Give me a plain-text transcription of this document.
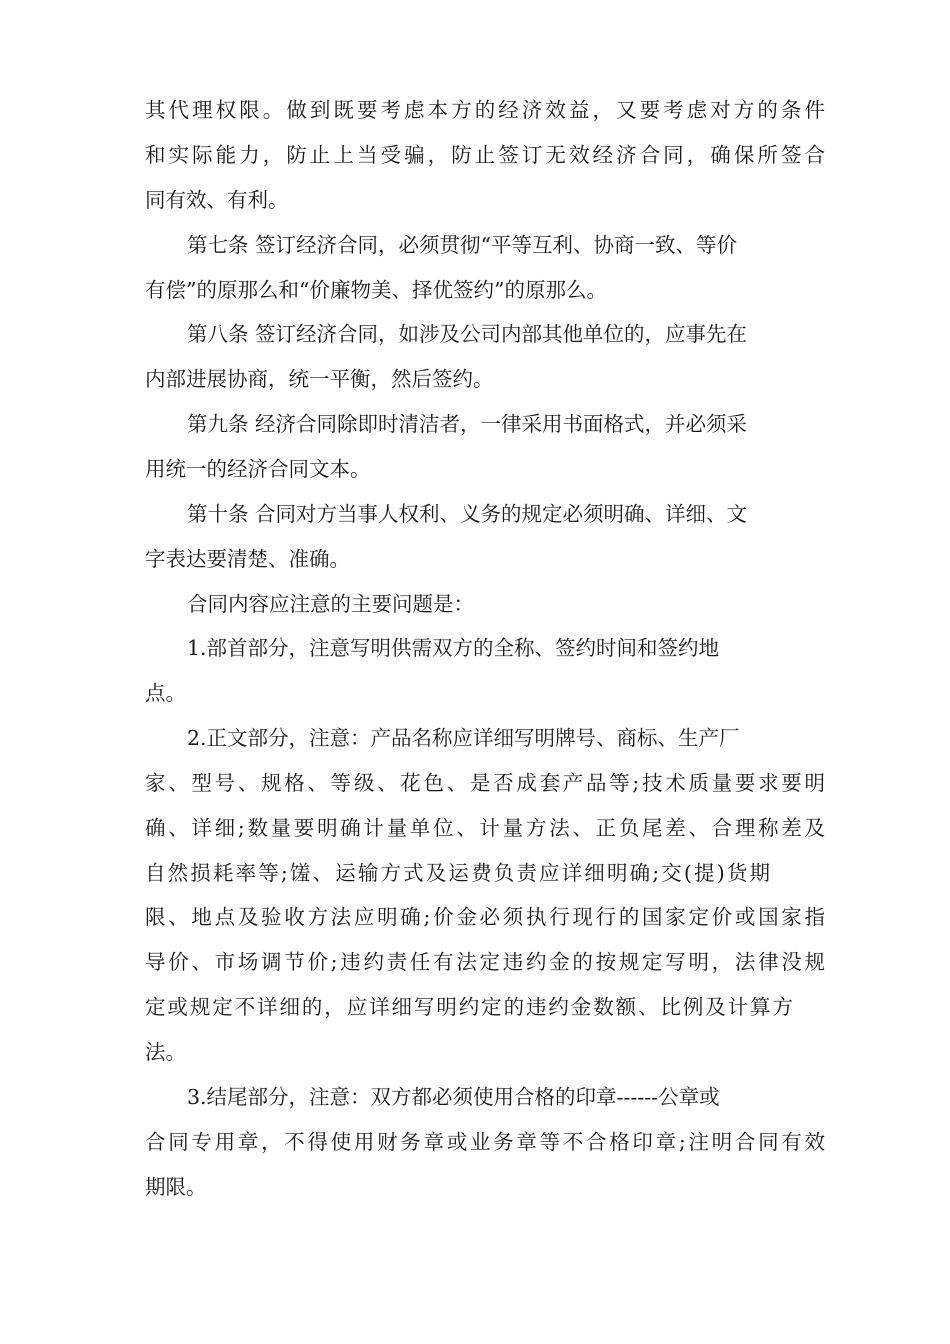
其代理权限。做到既要考虑本方的经济效益，又要考虑对方的条件
和实际能力，防止上当受骗，防止签订无效经济合同，确保所签合
同有效、有利。
第七条 签订经济合同，必须贯彻“平等互利、协商一致、等价
有偿”的原那么和“价廉物美、择优签约”的原那么。
第八条 签订经济合同，如涉及公司内部其他单位的，应事先在
内部进展协商，统一平衡，然后签约。
第九条 经济合同除即时清洁者，一律采用书面格式，并必须采
用统一的经济合同文本。
第十条 合同对方当事人权利、义务的规定必须明确、详细、文
字表达要清楚、准确。
合同内容应注意的主要问题是：
1.部首部分，注意写明供需双方的全称、签约时间和签约地
点。
2.正文部分，注意：产品名称应详细写明牌号、商标、生产厂
家、型号、规格、等级、花色、是否成套产品等;技术质量要求要明
确、详细;数量要明确计量单位、计量方法、正负尾差、合理称差及
自然损耗率等;馐、运输方式及运费负责应详细明确;交(提)货期
限、地点及验收方法应明确;价金必须执行现行的国家定价或国家指
导价、市场调节价;违约责任有法定违约金的按规定写明，法律没规
定或规定不详细的，应详细写明约定的违约金数额、比例及计算方
法。
3.结尾部分，注意：双方都必须使用合格的印章------公章或
合同专用章，不得使用财务章或业务章等不合格印章;注明合同有效
期限。
